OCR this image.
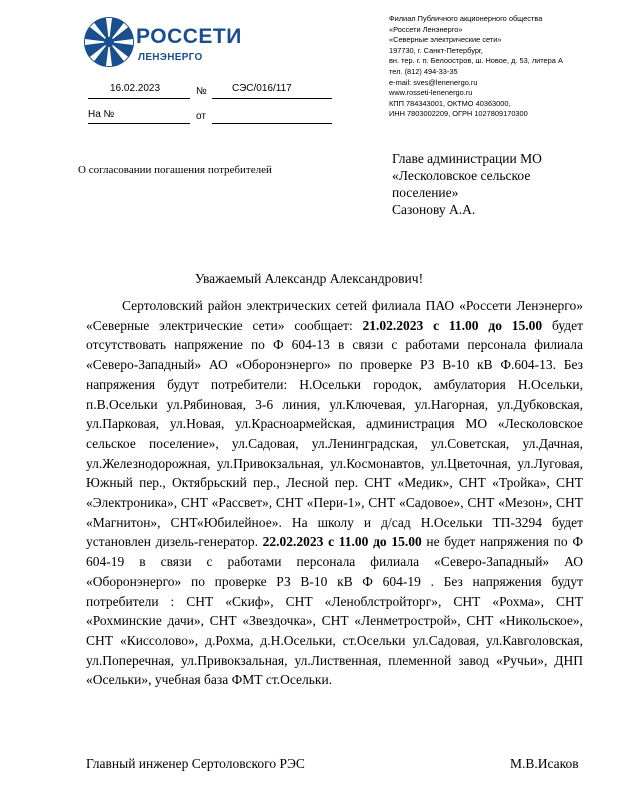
РОССЕТИ
ЛЕНЭНЕРГО
16.02.2023	№	СЭС/016/117
На №	от
Филиал Публичного акционерного общества
«Россети Ленэнерго»
«Северные электрические сети»
197730, г. Санкт-Петербург,
вн. тер. г. п. Белоостров, ш. Новое, д. 53, литера А
тел. (812) 494-33-35
e-mail: sves@lenenergo.ru
www.rosseti-lenenergo.ru
КПП 784343001, ОКТМО 40363000,
ИНН 7803002209, ОГРН 1027809170300
О согласовании погашения потребителей
Главе администрации МО
«Лесколовское сельское
поселение»
Сазонову А.А.
Уважаемый Александр Александрович!

Сертоловский район электрических сетей филиала ПАО «Россети Ленэнерго» «Северные электрические сети» сообщает: 21.02.2023 с 11.00 до 15.00 будет отсутствовать напряжение по Ф 604-13 в связи с работами персонала филиала «Северо-Западный» АО «Оборонэнерго» по проверке РЗ В-10 кВ Ф.604-13. Без напряжения будут потребители: Н.Осельки городок, амбулатория Н.Осельки, п.В.Осельки ул.Рябиновая, 3-6 линия, ул.Ключевая, ул.Нагорная, ул.Дубковская, ул.Парковая, ул.Новая, ул.Красноармейская, администрация МО «Лесколовское сельское поселение», ул.Садовая, ул.Ленинградская, ул.Советская, ул.Дачная, ул.Железнодорожная, ул.Привокзальная, ул.Космонавтов, ул.Цветочная, ул.Луговая, Южный пер., Октябрьский пер., Лесной пер. СНТ «Медик», СНТ «Тройка», СНТ «Электроника», СНТ «Рассвет», СНТ «Пери-1», СНТ «Садовое», СНТ «Мезон», СНТ «Магнитон», СНТ«Юбилейное». На школу и д/сад Н.Осельки ТП-3294 будет установлен дизель-генератор. 22.02.2023 с 11.00 до 15.00 не будет напряжения по Ф 604-19 в связи с работами персонала филиала «Северо-Западный» АО «Оборонэнерго» по проверке РЗ В-10 кВ Ф 604-19 . Без напряжения будут потребители : СНТ «Скиф», СНТ «Леноблстройторг», СНТ «Рохма», СНТ «Рохминские дачи», СНТ «Звездочка», СНТ «Ленметрострой», СНТ «Никольское», СНТ «Киссолово», д.Рохма, д.Н.Осельки, ст.Осельки ул.Садовая, ул.Кавголовская, ул.Поперечная, ул.Привокзальная, ул.Лиственная, племенной завод «Ручьи», ДНП «Осельки», учебная база ФМТ ст.Осельки.

Главный инженер Сертоловского РЭС	М.В.Исаков
